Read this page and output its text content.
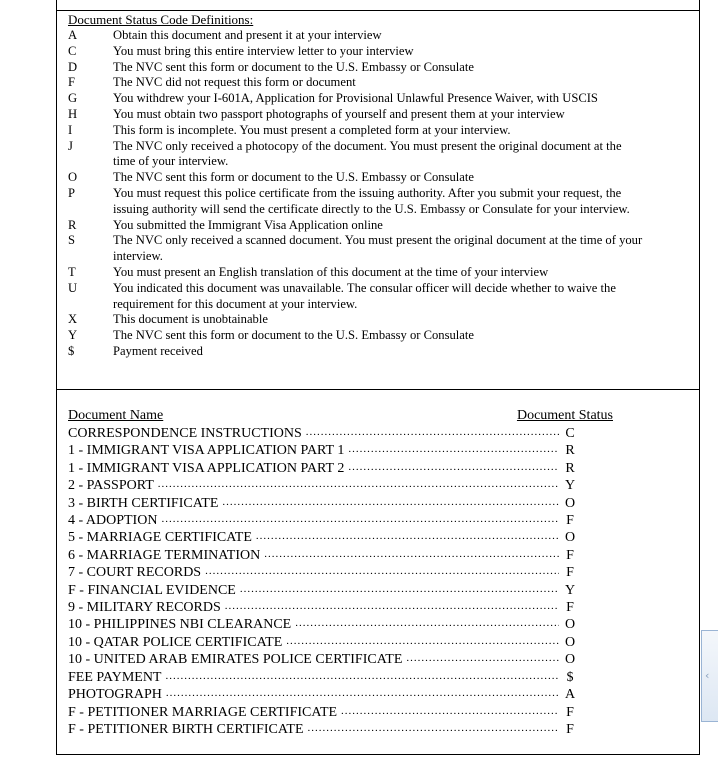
Document Status Code Definitions:
A	Obtain this document and present it at your interview
C	You must bring this entire interview letter to your interview
D	The NVC sent this form or document to the U.S. Embassy or Consulate
F	The NVC did not request this form or document
G	You withdrew your I-601A, Application for Provisional Unlawful Presence Waiver, with USCIS
H	You must obtain two passport photographs of yourself and present them at your interview
I	This form is incomplete. You must present a completed form at your interview.
J	The NVC only received a photocopy of the document. You must present the original document at the time of your interview.
O	The NVC sent this form or document to the U.S. Embassy or Consulate
P	You must request this police certificate from the issuing authority. After you submit your request, the issuing authority will send the certificate directly to the U.S. Embassy or Consulate for your interview.
R	You submitted the Immigrant Visa Application online
S	The NVC only received a scanned document. You must present the original document at the time of your interview.
T	You must present an English translation of this document at the time of your interview
U	You indicated this document was unavailable. The consular officer will decide whether to waive the requirement for this document at your interview.
X	This document is unobtainable
Y	The NVC sent this form or document to the U.S. Embassy or Consulate
$	Payment received
Document Name	Document Status
CORRESPONDENCE INSTRUCTIONS .....	C
1 - IMMIGRANT VISA APPLICATION PART 1 .....	R
1 - IMMIGRANT VISA APPLICATION PART 2 .....	R
2 - PASSPORT .....	Y
3 - BIRTH CERTIFICATE .....	O
4 - ADOPTION .....	F
5 - MARRIAGE CERTIFICATE .....	O
6 - MARRIAGE TERMINATION .....	F
7 - COURT RECORDS .....	F
F - FINANCIAL EVIDENCE .....	Y
9 - MILITARY RECORDS .....	F
10 - PHILIPPINES NBI CLEARANCE .....	O
10 - QATAR POLICE CERTIFICATE .....	O
10 - UNITED ARAB EMIRATES POLICE CERTIFICATE .....	O
FEE PAYMENT .....	$
PHOTOGRAPH .....	A
F - PETITIONER MARRIAGE CERTIFICATE .....	F
F - PETITIONER BIRTH CERTIFICATE .....	F
‹
